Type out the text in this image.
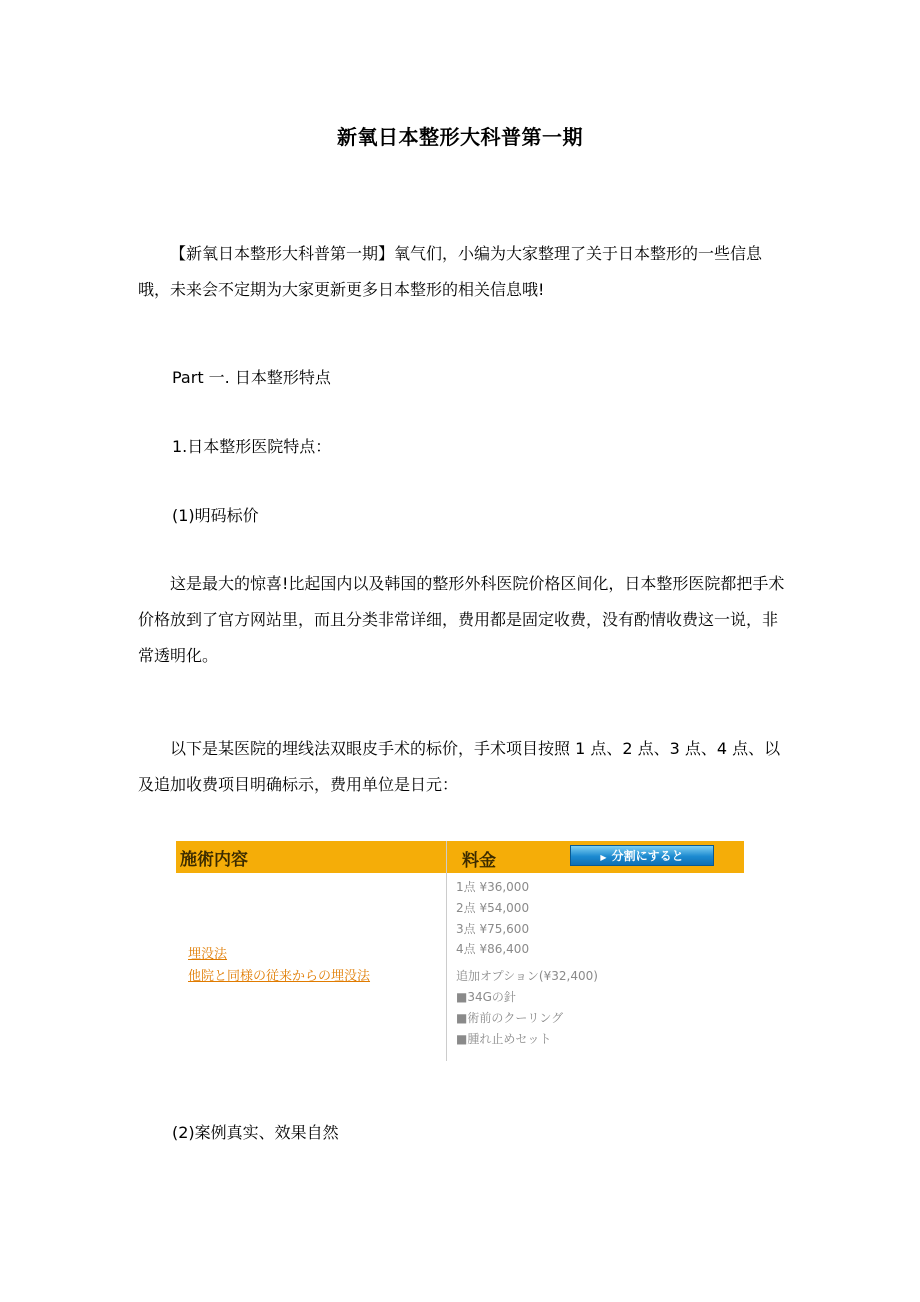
新氧日本整形大科普第一期
【新氧日本整形大科普第一期】氧气们，小编为大家整理了关于日本整形的一些信息哦，未来会不定期为大家更新更多日本整形的相关信息哦!
Part 一. 日本整形特点
1.日本整形医院特点：
(1)明码标价
这是最大的惊喜!比起国内以及韩国的整形外科医院价格区间化，日本整形医院都把手术价格放到了官方网站里，而且分类非常详细，费用都是固定收费，没有酌情收费这一说，非常透明化。
以下是某医院的埋线法双眼皮手术的标价，手术项目按照 1 点、2 点、3 点、4 点、以及追加收费项目明确标示，费用单位是日元：
施術内容	料金	▶ 分割にすると
埋没法
他院と同様の従来からの埋没法
1点 ¥36,000
2点 ¥54,000
3点 ¥75,600
4点 ¥86,400
追加オプション(¥32,400)
■34Gの針
■術前のクーリング
■腫れ止めセット
(2)案例真实、效果自然
